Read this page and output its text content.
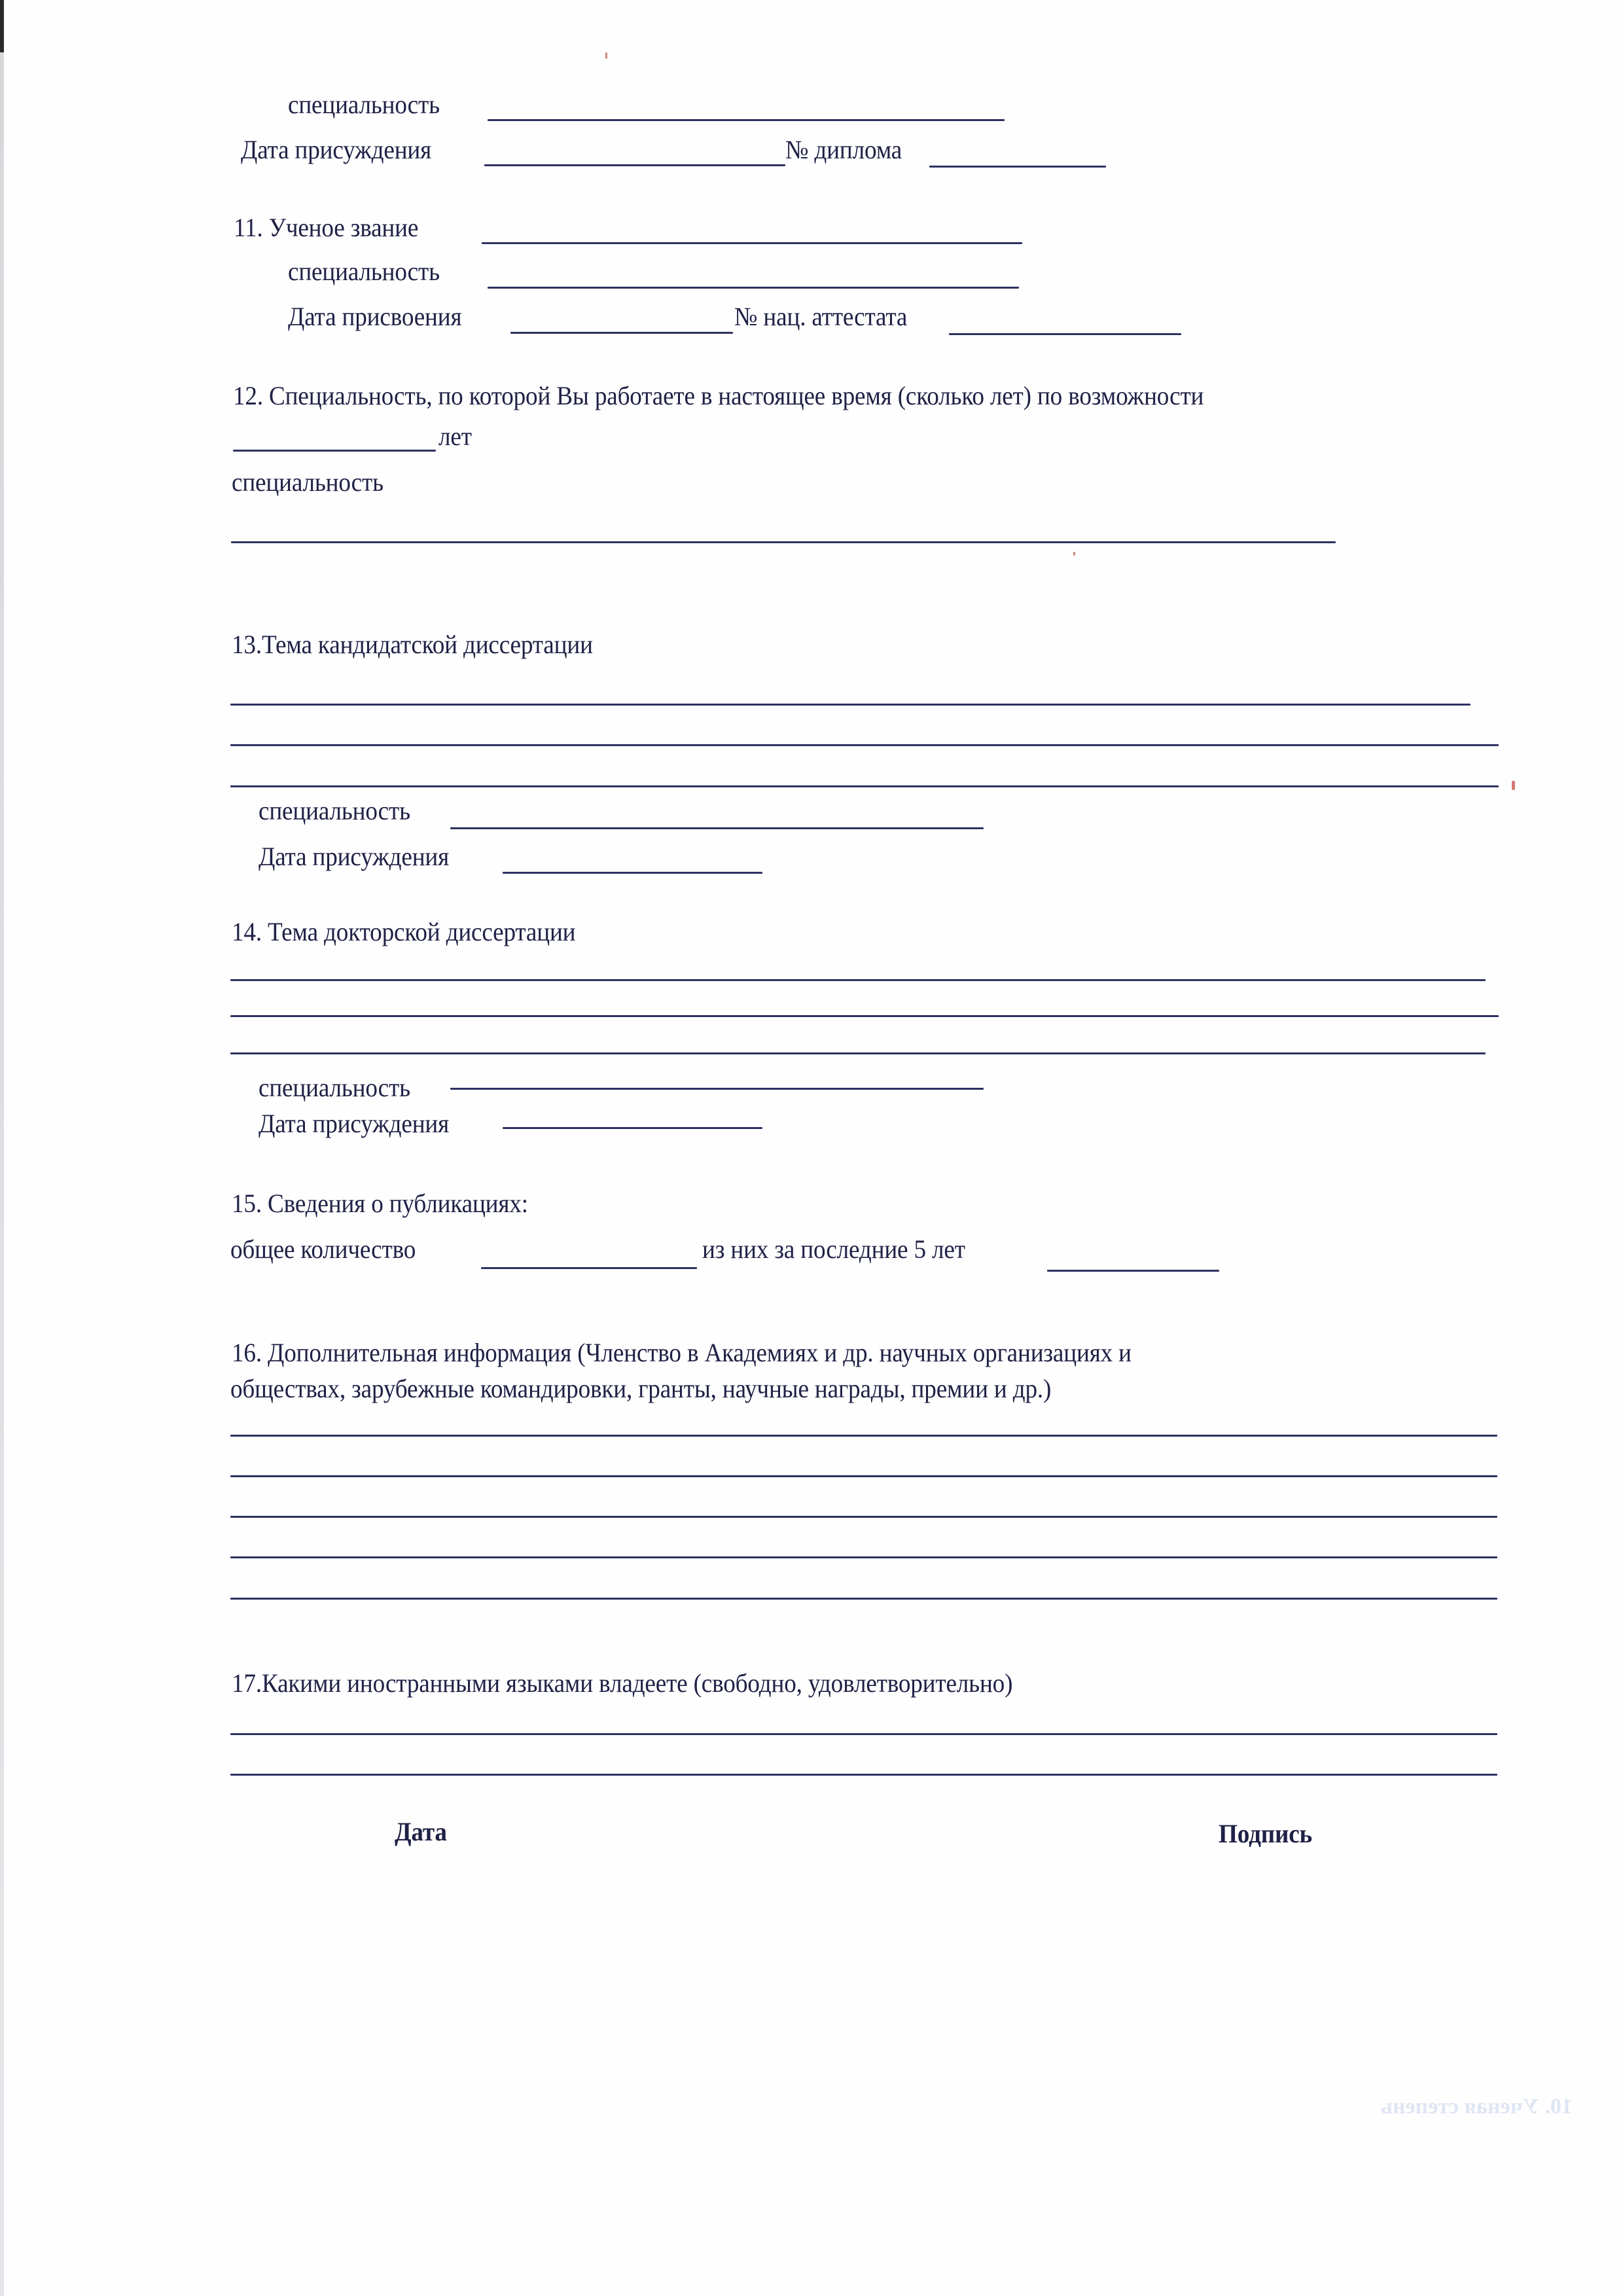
специальность
Дата присуждения	№ диплома
11. Ученое звание
специальность
Дата присвоения	№ нац. аттестата
12. Специальность, по которой Вы работаете в настоящее время (сколько лет) по возможности
лет
специальность
13.Тема кандидатской диссертации
специальность
Дата присуждения
14. Тема докторской диссертации
специальность
Дата присуждения
15. Сведения о публикациях:
общее количество	из них за последние 5 лет
16. Дополнительная информация (Членство в Академиях и др. научных организациях и
обществах, зарубежные командировки, гранты, научные награды, премии и др.)
17.Какими иностранными языками владеете (свободно, удовлетворительно)
Дата	Подпись
10. Ученая степень
